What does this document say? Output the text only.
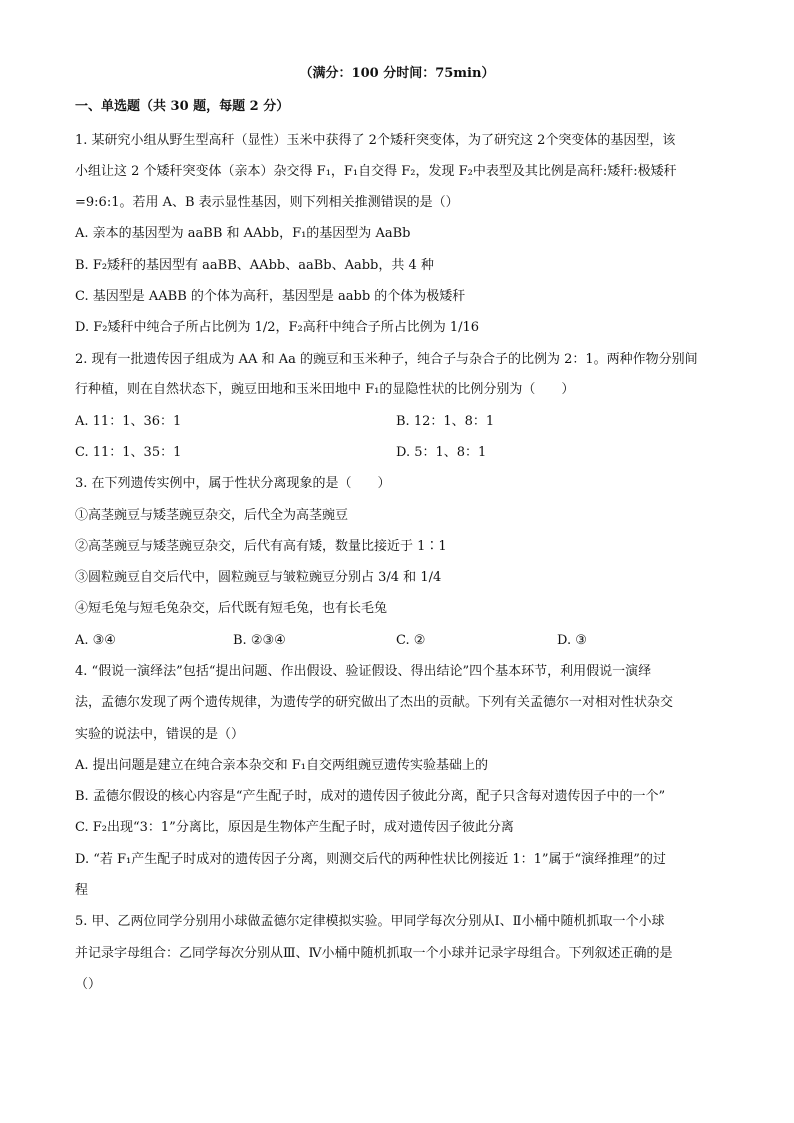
（满分：100 分时间：75min）
一、单选题（共 30 题，每题 2 分）
1. 某研究小组从野生型高秆（显性）玉米中获得了 2个矮秆突变体，为了研究这 2个突变体的基因型，该
小组让这 2 个矮秆突变体（亲本）杂交得 F₁，F₁自交得 F₂，发现 F₂中表型及其比例是高秆:矮秆:极矮秆
=9:6:1。若用 A、B 表示显性基因，则下列相关推测错误的是（）
A. 亲本的基因型为 aaBB 和 AAbb，F₁的基因型为 AaBb
B. F₂矮秆的基因型有 aaBB、AAbb、aaBb、Aabb，共 4 种
C. 基因型是 AABB 的个体为高秆，基因型是 aabb 的个体为极矮秆
D. F₂矮秆中纯合子所占比例为 1/2，F₂高秆中纯合子所占比例为 1/16
2. 现有一批遗传因子组成为 AA 和 Aa 的豌豆和玉米种子，纯合子与杂合子的比例为 2：1。两种作物分别间
行种植，则在自然状态下，豌豆田地和玉米田地中 F₁的显隐性状的比例分别为（　　）
A. 11：1、36：1	B. 12：1、8：1
C. 11：1、35：1	D. 5：1、8：1
3. 在下列遗传实例中，属于性状分离现象的是（　　）
①高茎豌豆与矮茎豌豆杂交，后代全为高茎豌豆
②高茎豌豆与矮茎豌豆杂交，后代有高有矮，数量比接近于 1∶1
③圆粒豌豆自交后代中，圆粒豌豆与皱粒豌豆分别占 3/4 和 1/4
④短毛兔与短毛兔杂交，后代既有短毛兔，也有长毛兔
A. ③④	B. ②③④	C. ②	D. ③
4. “假说一演绎法”包括“提出问题、作出假设、验证假设、得出结论”四个基本环节，利用假说一演绎
法，孟德尔发现了两个遗传规律，为遗传学的研究做出了杰出的贡献。下列有关孟德尔一对相对性状杂交
实验的说法中，错误的是（）
A. 提出问题是建立在纯合亲本杂交和 F₁自交两组豌豆遗传实验基础上的
B. 孟德尔假设的核心内容是“产生配子时，成对的遗传因子彼此分离，配子只含每对遗传因子中的一个”
C. F₂出现“3：1”分离比，原因是生物体产生配子时，成对遗传因子彼此分离
D. “若 F₁产生配子时成对的遗传因子分离，则测交后代的两种性状比例接近 1：1”属于“演绎推理”的过
程
5. 甲、乙两位同学分别用小球做孟德尔定律模拟实验。甲同学每次分别从Ⅰ、Ⅱ小桶中随机抓取一个小球
并记录字母组合：乙同学每次分别从Ⅲ、Ⅳ小桶中随机抓取一个小球并记录字母组合。下列叙述正确的是
（）
